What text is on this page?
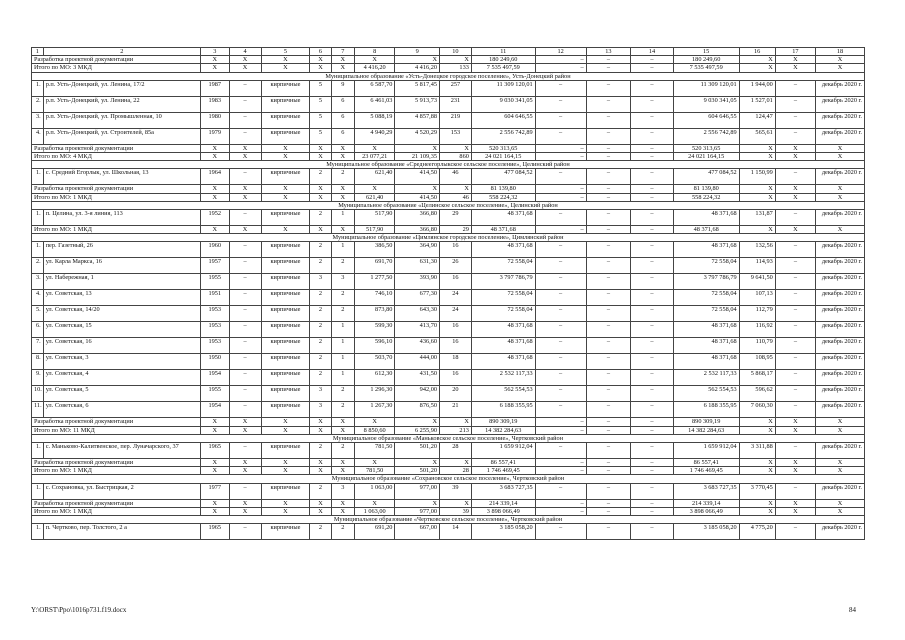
1	2	3	4	5	6	7	8	9	10	11	12	13	14	15	16	17	18
Разработка проектной документации		X	X	X	X	X	X	X	X	180 249,60	–	–	–	180 249,60	X	X	X
Итого по МО: 3 МКД		X	X	X	X	X	4 416,20	4 416,20	133	7 535 497,59	–	–	–	7 535 497,59	X	X	X
Муниципальное образование «Усть-Донецкое городское поселение», Усть-Донецкий район																	
1.	р.п. Усть-Донецкий, ул. Ленина, 17/2	1987	–	кирпичные	5	9	6 587,70	5 817,45	257	11 309 120,01	–	–	–	11 309 120,01	1 944,00	–	декабрь 2020 г.
2.	р.п. Усть-Донецкий, ул. Ленина, 22	1983	–	кирпичные	5	6	6 461,03	5 913,73	231	9 030 341,05	–	–	–	9 030 341,05	1 527,01	–	декабрь 2020 г.
3.	р.п. Усть-Донецкий, ул. Промышленная, 10	1980	–	кирпичные	5	6	5 088,19	4 857,88	219	604 646,55	–	–	–	604 646,55	124,47	–	декабрь 2020 г.
4.	р.п. Усть-Донецкий, ул. Строителей, 85а	1979	–	кирпичные	5	6	4 940,29	4 520,29	153	2 556 742,89	–	–	–	2 556 742,89	565,61	–	декабрь 2020 г.
Разработка проектной документации		X	X	X	X	X	X	X	X	520 313,65	–	–	–	520 313,65	X	X	X
Итого по МО: 4 МКД		X	X	X	X	X	23 077,21	21 109,35	860	24 021 164,15	–	–	–	24 021 164,15	X	X	X
Муниципальное образование «Среднеегорлыкское сельское поселение», Целинский район																	
1.	с. Средний Егорлык, ул. Школьная, 13	1964	–	кирпичные	2	2	621,40	414,50	46	477 084,52	–	–	–	477 084,52	1 150,99	–	декабрь 2020 г.
Разработка проектной документации		X	X	X	X	X	X	X	X	81 139,80	–	–	–	81 139,80	X	X	X
Итого по МО: 1 МКД		X	X	X	X	X	621,40	414,50	46	558 224,32	–	–	–	558 224,32	X	X	X
Муниципальное образование «Целинское сельское поселение», Целинский район																	
1.	п. Целина, ул. 3-я линия, 113	1952	–	кирпичные	2	1	517,90	366,80	29	48 371,68	–	–	–	48 371,68	131,87	–	декабрь 2020 г.
Итого по МО: 1 МКД		X	X	X	X	X	517,90	366,80	29	48 371,68	–	–	–	48 371,68	X	X	X
Муниципальное образование «Цимлянское городское поселение», Цимлянский район																	
1.	пер. Газетный, 26	1960	–	кирпичные	2	1	386,50	364,90	16	48 371,68	–	–	–	48 371,68	132,56	–	декабрь 2020 г.
2.	ул. Карла Маркса, 16	1957	–	кирпичные	2	2	691,70	631,30	26	72 558,04	–	–	–	72 558,04	114,93	–	декабрь 2020 г.
3.	ул. Набережная, 1	1955	–	кирпичные	3	3	1 277,50	393,90	16	3 797 786,79	–	–	–	3 797 786,79	9 641,50	–	декабрь 2020 г.
4.	ул. Советская, 13	1951	–	кирпичные	2	2	746,10	677,30	24	72 558,04	–	–	–	72 558,04	107,13	–	декабрь 2020 г.
5.	ул. Советская, 14/20	1953	–	кирпичные	2	2	873,80	643,30	24	72 558,04	–	–	–	72 558,04	112,79	–	декабрь 2020 г.
6.	ул. Советская, 15	1953	–	кирпичные	2	1	599,30	413,70	16	48 371,68	–	–	–	48 371,68	116,92	–	декабрь 2020 г.
7.	ул. Советская, 16	1953	–	кирпичные	2	1	596,10	436,60	16	48 371,68	–	–	–	48 371,68	110,79	–	декабрь 2020 г.
8.	ул. Советская, 3	1950	–	кирпичные	2	1	503,70	444,00	18	48 371,68	–	–	–	48 371,68	108,95	–	декабрь 2020 г.
9.	ул. Советская, 4	1954	–	кирпичные	2	1	612,30	431,50	16	2 532 117,33	–	–	–	2 532 117,33	5 868,17	–	декабрь 2020 г.
10.	ул. Советская, 5	1955	–	кирпичные	3	2	1 296,30	942,00	20	562 554,53	–	–	–	562 554,53	596,62	–	декабрь 2020 г.
11.	ул. Советская, 6	1954	–	кирпичные	3	2	1 267,30	876,50	21	6 188 355,95	–	–	–	6 188 355,95	7 060,30	–	декабрь 2020 г.
Разработка проектной документации		X	X	X	X	X	X	X	X	890 309,19	–	–	–	890 309,19	X	X	X
Итого по МО: 11 МКД		X	X	X	X	X	8 850,60	6 255,90	213	14 382 284,63	–	–	–	14 382 284,63	X	X	X
Муниципальное образование «Маньковское сельское поселение», Чертковский район																	
1.	с. Маньково-Калитвенское, пер. Луначарского, 37	1965	–	кирпичные	2	2	781,50	501,20	28	1 659 912,04	–	–	–	1 659 912,04	3 311,88	–	декабрь 2020 г.
Разработка проектной документации		X	X	X	X	X	X	X	X	86 557,41	–	–	–	86 557,41	X	X	X
Итого по МО: 1 МКД		X	X	X	X	X	781,50	501,20	28	1 746 469,45	–	–	–	1 746 469,45	X	X	X
Муниципальное образование «Сохрановское сельское поселение», Чертковский район																	
1.	с. Сохрановка, ул. Быстрицкая, 2	1977	–	кирпичные	2	3	1 063,00	977,00	39	3 683 727,35	–	–	–	3 683 727,35	3 770,45	–	декабрь 2020 г.
Разработка проектной документации		X	X	X	X	X	X	X	X	214 339,14	–	–	–	214 339,14	X	X	X
Итого по МО: 1 МКД		X	X	X	X	X	1 063,00	977,00	39	3 898 066,49	–	–	–	3 898 066,49	X	X	X
Муниципальное образование «Чертковское сельское поселение», Чертковский район																	
1.	п. Чертково, пер. Толстого, 2 а	1965	–	кирпичные	2	2	691,20	667,00	14	3 185 058,20	–	–	–	3 185 058,20	4 775,20	–	декабрь 2020 г.
Y:\ORST\Ppo\1016p731.f19.docx	84
